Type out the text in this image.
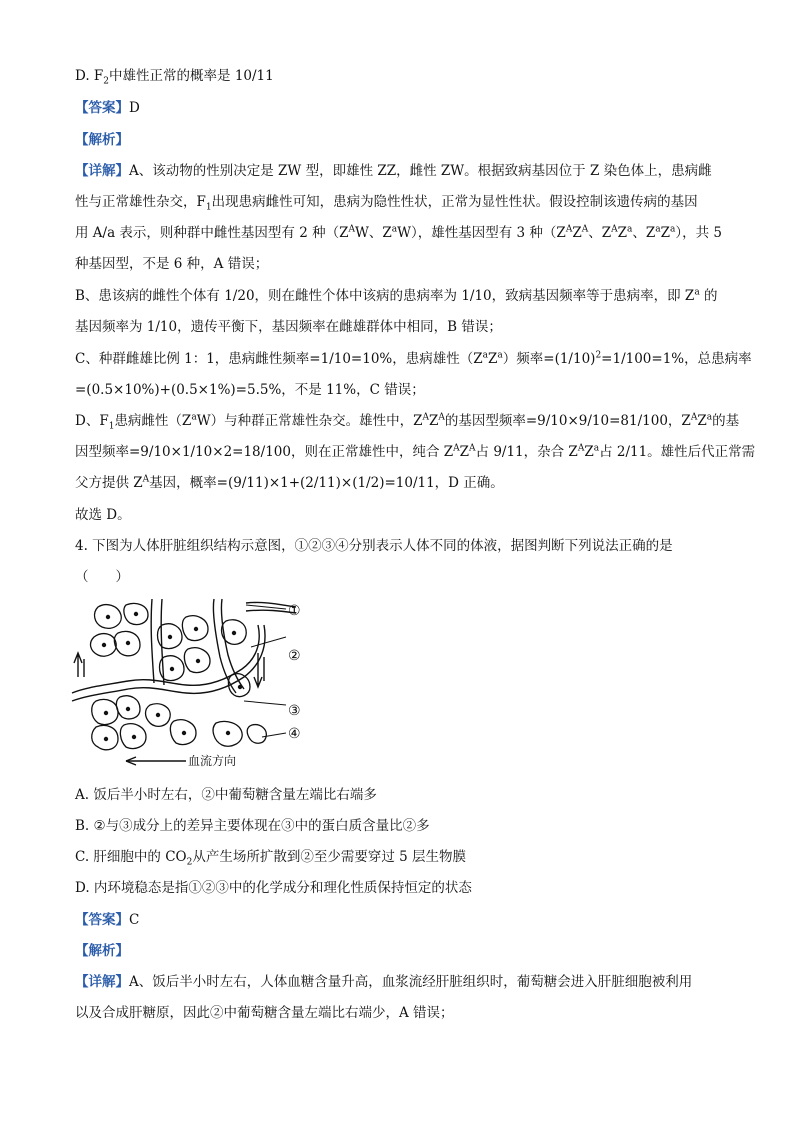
D. $F_2$中雄性正常的概率是 10/11
【答案】D
【解析】
【详解】A、该动物的性别决定是 ZW 型，即雄性 ZZ，雌性 ZW。根据致病基因位于 Z 染色体上，患病雌
性与正常雄性杂交，$F_1$出现患病雌性可知，患病为隐性性状，正常为显性性状。假设控制该遗传病的基因
用 A/a 表示，则种群中雌性基因型有 2 种（$Z^AW$、$Z^aW$），雄性基因型有 3 种（$Z^AZ^A$、$Z^AZ^a$、$Z^aZ^a$），共 5
种基因型，不是 6 种，A 错误；
B、患该病的雌性个体有 1/20，则在雌性个体中该病的患病率为 1/10，致病基因频率等于患病率，即 $Z^a$ 的
基因频率为 1/10，遗传平衡下，基因频率在雌雄群体中相同，B 错误；
C、种群雌雄比例 1：1，患病雌性频率=1/10=10%，患病雄性$(Z^aZ^a)$频率$=(1/10)^2=1/100=1\%$，总患病率
=(0.5×10%)+(0.5×1%)=5.5%，不是 11%，C 错误；
D、$F_1$患病雌性$(Z^aW)$与种群正常雄性杂交。雄性中，$Z^AZ^A$的基因型频率=9/10×9/10=81/100，$Z^AZ^a$的基
因型频率=9/10×1/10×2=18/100，则在正常雄性中，纯合 $Z^AZ^A$占 9/11，杂合 $Z^AZ^a$占 2/11。雄性后代正常需
父方提供 $Z^A$基因，概率=(9/11)×1+(2/11)×(1/2)=10/11，D 正确。
故选 D。
4. 下图为人体肝脏组织结构示意图，①②③④分别表示人体不同的体液，据图判断下列说法正确的是
（　　）
①
②
③
④
血流方向
A. 饭后半小时左右，②中葡萄糖含量左端比右端多
B. ②与③成分上的差异主要体现在③中的蛋白质含量比②多
C. 肝细胞中的 $CO_2$从产生场所扩散到②至少需要穿过 5 层生物膜
D. 内环境稳态是指①②③中的化学成分和理化性质保持恒定的状态
【答案】C
【解析】
【详解】A、饭后半小时左右，人体血糖含量升高，血浆流经肝脏组织时，葡萄糖会进入肝脏细胞被利用
以及合成肝糖原，因此②中葡萄糖含量左端比右端少，A 错误；
